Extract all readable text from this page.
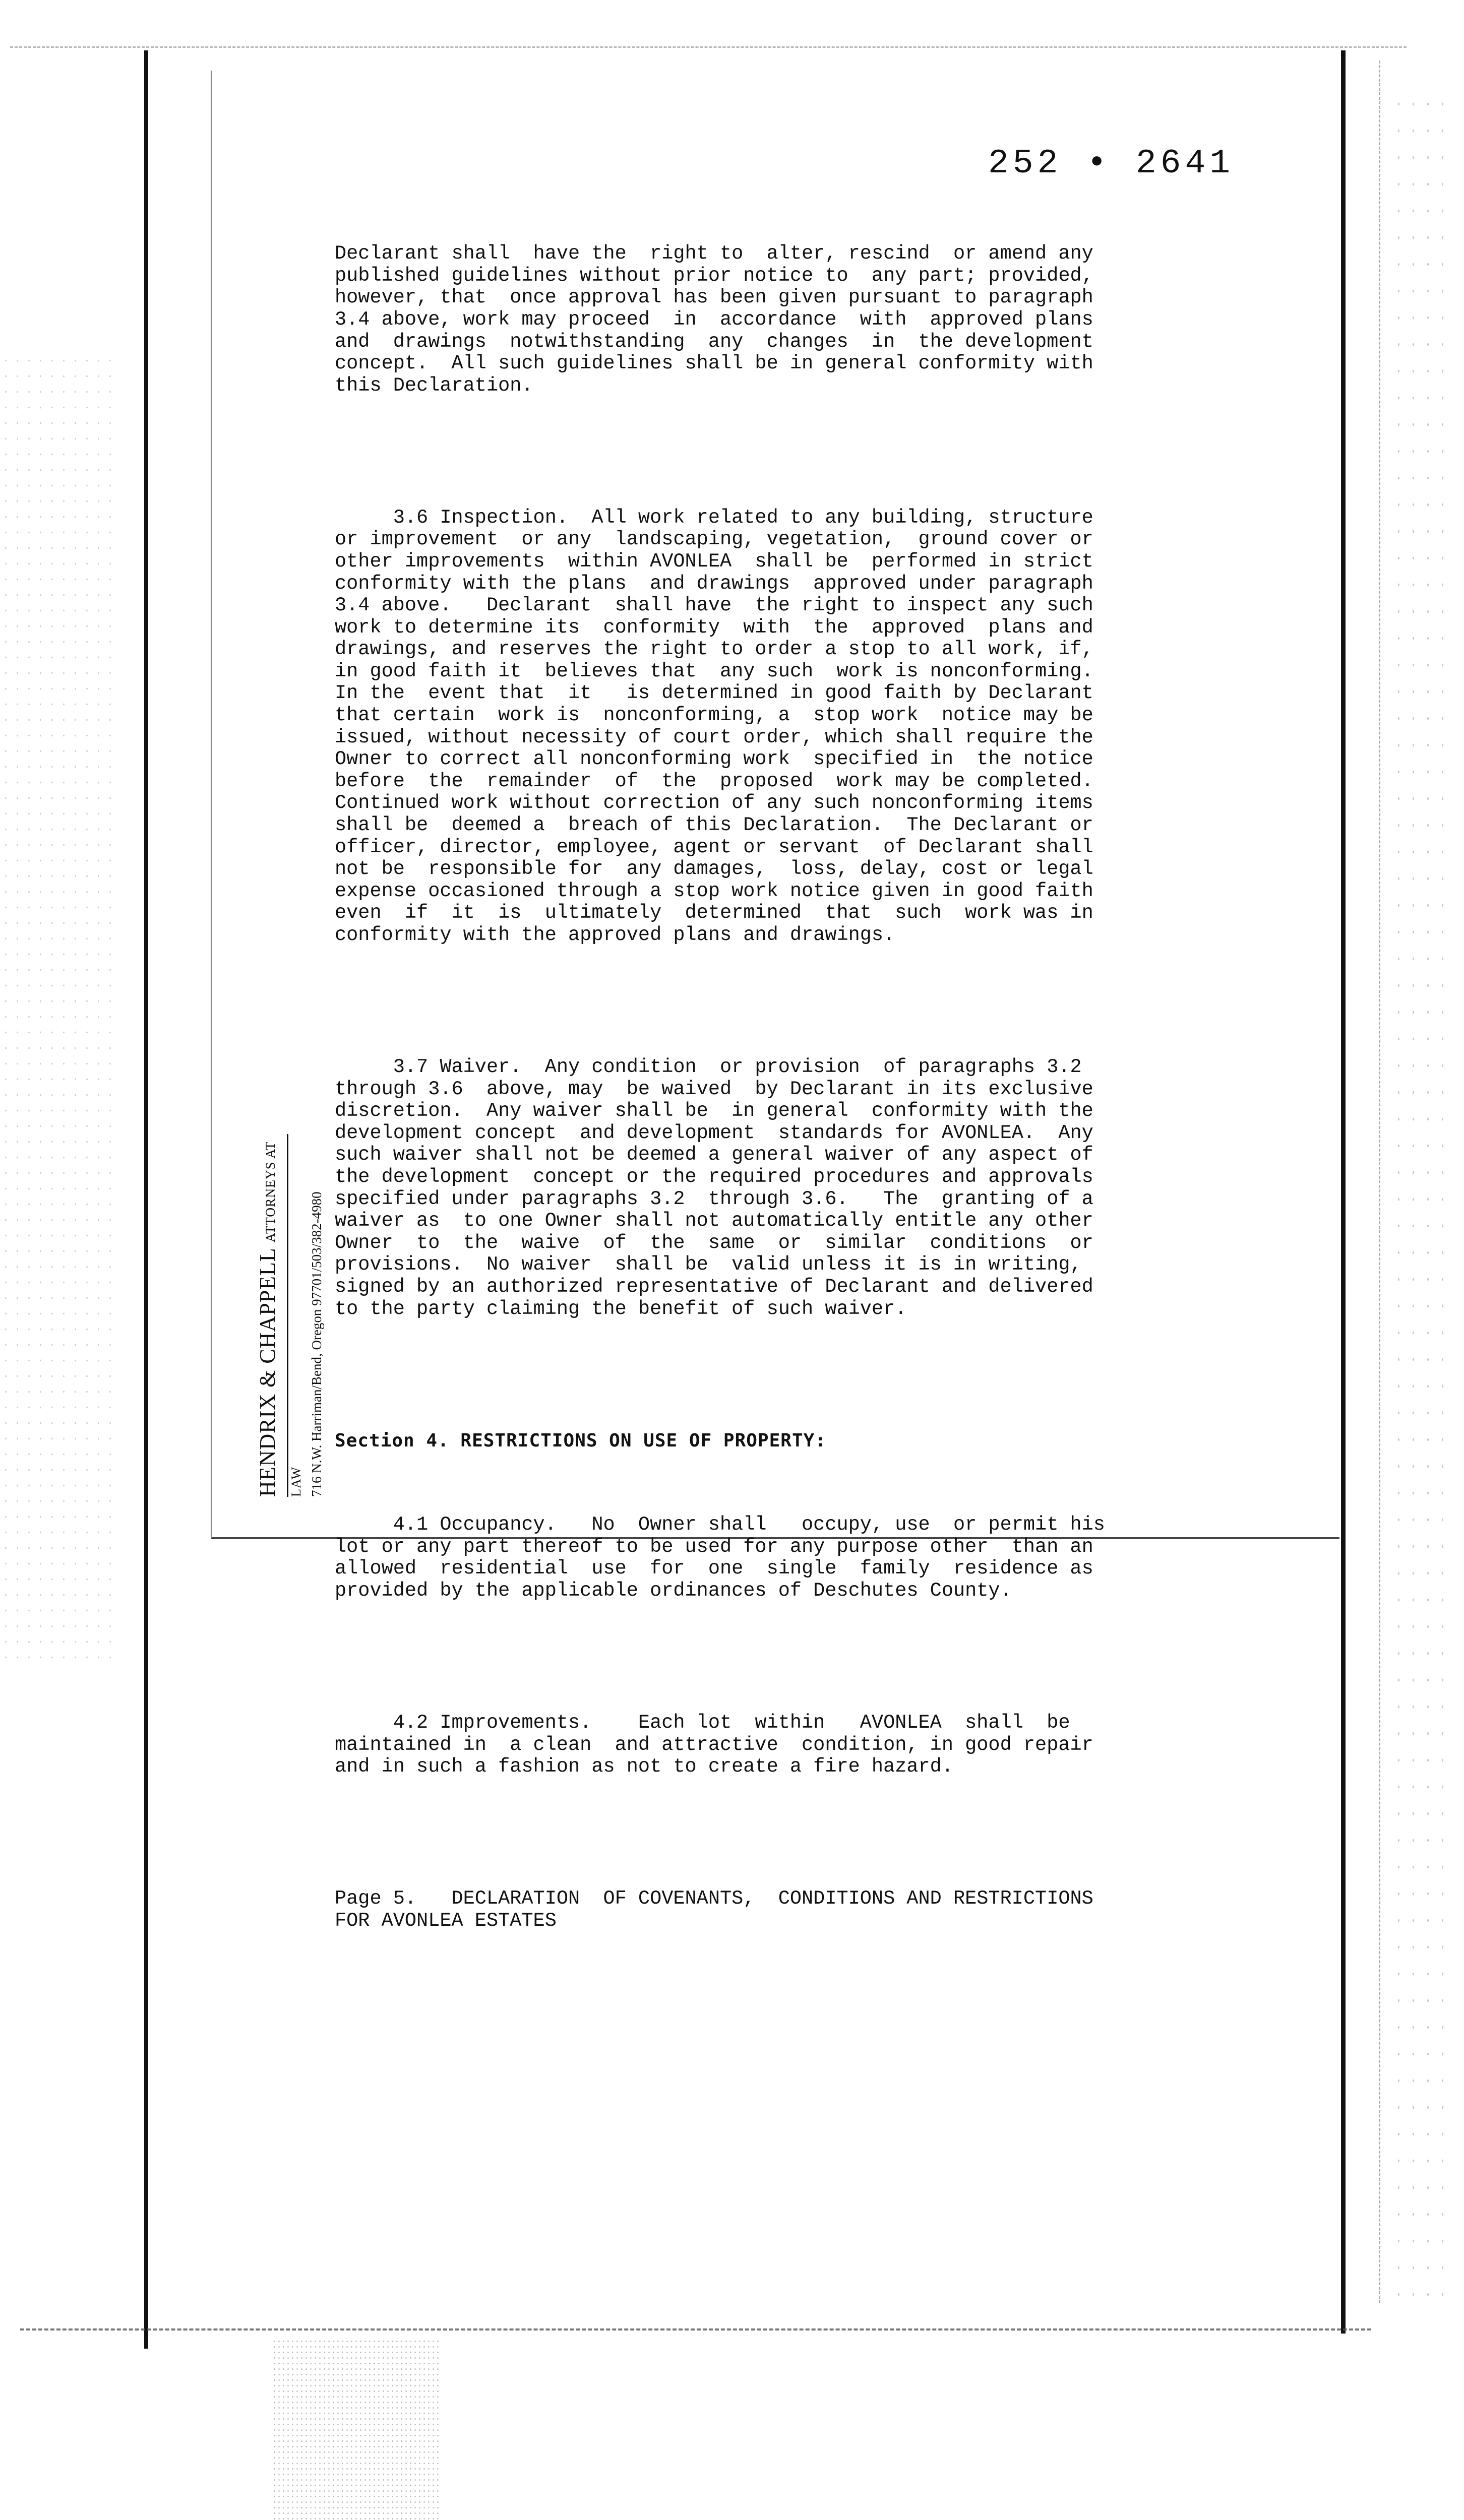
252 • 2641

Declarant shall  have the  right to  alter, rescind  or amend any
published guidelines without prior notice to  any part; provided,
however, that  once approval has been given pursuant to paragraph
3.4 above, work may proceed  in  accordance  with  approved plans
and  drawings  notwithstanding  any  changes  in  the development
concept.  All such guidelines shall be in general conformity with
this Declaration.

3.6 Inspection.  All work related to any building, structure
or improvement  or any  landscaping, vegetation,  ground cover or
other improvements  within AVONLEA  shall be  performed in strict
conformity with the plans  and drawings  approved under paragraph
3.4 above.   Declarant  shall have  the right to inspect any such
work to determine its  conformity  with  the  approved  plans and
drawings, and reserves the right to order a stop to all work, if,
in good faith it  believes that  any such  work is nonconforming.
In the  event that  it   is determined in good faith by Declarant
that certain  work is  nonconforming, a  stop work  notice may be
issued, without necessity of court order, which shall require the
Owner to correct all nonconforming work  specified in  the notice
before  the  remainder  of  the  proposed  work may be completed.
Continued work without correction of any such nonconforming items
shall be  deemed a  breach of this Declaration.  The Declarant or
officer, director, employee, agent or servant  of Declarant shall
not be  responsible for  any damages,  loss, delay, cost or legal
expense occasioned through a stop work notice given in good faith
even  if  it  is  ultimately  determined  that  such  work was in
conformity with the approved plans and drawings.

3.7 Waiver.  Any condition  or provision  of paragraphs 3.2
through 3.6  above, may  be waived  by Declarant in its exclusive
discretion.  Any waiver shall be  in general  conformity with the
development concept  and development  standards for AVONLEA.  Any
such waiver shall not be deemed a general waiver of any aspect of
the development  concept or the required procedures and approvals
specified under paragraphs 3.2  through 3.6.   The  granting of a
waiver as  to one Owner shall not automatically entitle any other
Owner  to  the  waive  of  the  same  or  similar  conditions  or
provisions.  No waiver  shall be  valid unless it is in writing,
signed by an authorized representative of Declarant and delivered
to the party claiming the benefit of such waiver.

Section 4. RESTRICTIONS ON USE OF PROPERTY:

4.1 Occupancy.   No  Owner shall   occupy, use  or permit his
lot or any part thereof to be used for any purpose other  than an
allowed  residential  use  for  one  single  family  residence as
provided by the applicable ordinances of Deschutes County.

4.2 Improvements.    Each lot  within   AVONLEA  shall  be
maintained in  a clean  and attractive  condition, in good repair
and in such a fashion as not to create a fire hazard.

Page 5.   DECLARATION  OF COVENANTS,  CONDITIONS AND RESTRICTIONS
FOR AVONLEA ESTATES

HENDRIX & CHAPPELL ATTORNEYS AT LAW 716 N.W. Harriman/Bend, Oregon 97701/503/382-4980
